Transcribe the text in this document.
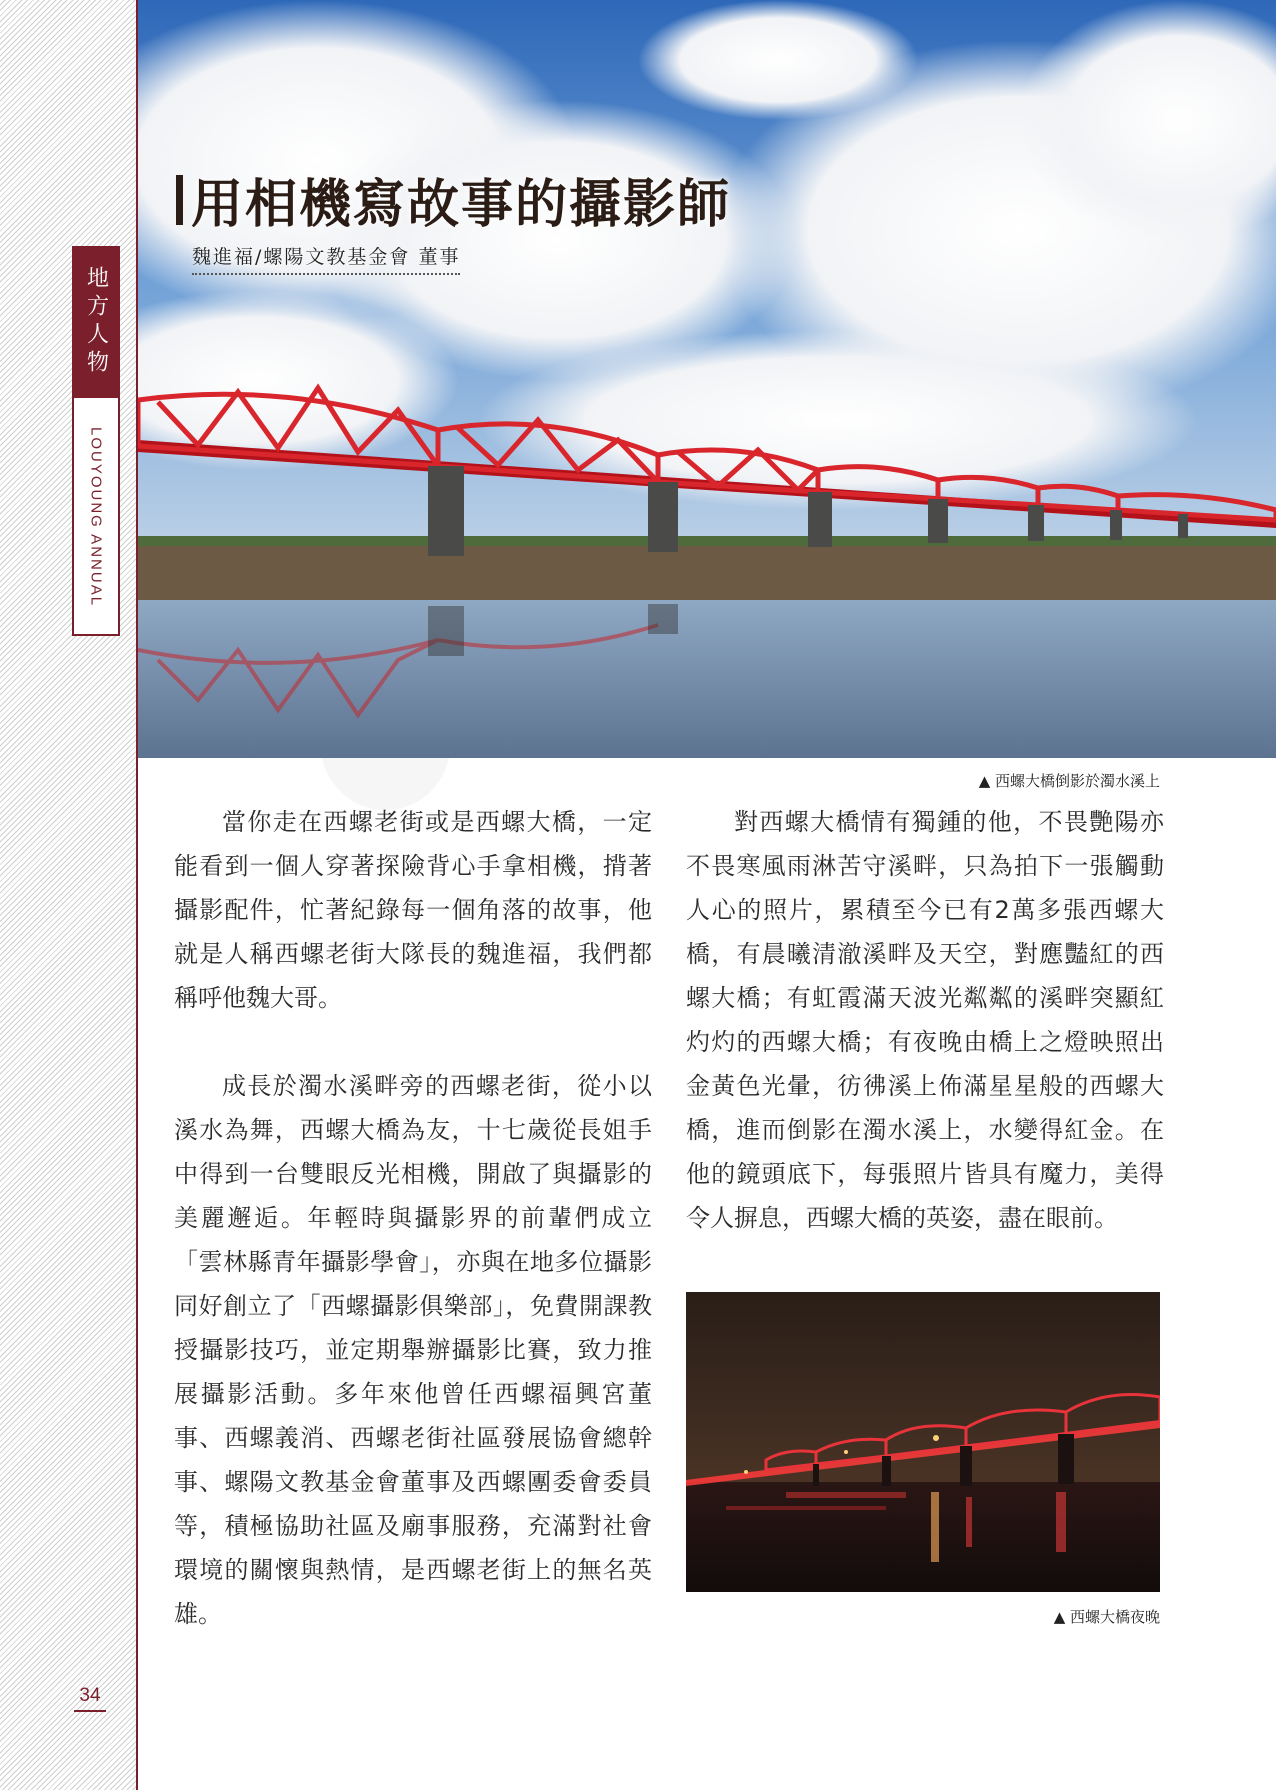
地方人物
LOUYOUNG ANNUAL
34
用相機寫故事的攝影師
魏進福/螺陽文教基金會 董事
▲ 西螺大橋倒影於濁水溪上

當你走在西螺老街或是西螺大橋，一定能看到一個人穿著探險背心手拿相機，揹著攝影配件，忙著紀錄每一個角落的故事，他就是人稱西螺老街大隊長的魏進福，我們都稱呼他魏大哥。

成長於濁水溪畔旁的西螺老街，從小以溪水為舞，西螺大橋為友，十七歲從長姐手中得到一台雙眼反光相機，開啟了與攝影的美麗邂逅。年輕時與攝影界的前輩們成立「雲林縣青年攝影學會」，亦與在地多位攝影同好創立了「西螺攝影俱樂部」，免費開課教授攝影技巧，並定期舉辦攝影比賽，致力推展攝影活動。多年來他曾任西螺福興宮董事、西螺義消、西螺老街社區發展協會總幹事、螺陽文教基金會董事及西螺團委會委員等，積極協助社區及廟事服務，充滿對社會環境的關懷與熱情，是西螺老街上的無名英雄。

對西螺大橋情有獨鍾的他，不畏艷陽亦不畏寒風雨淋苦守溪畔，只為拍下一張觸動人心的照片，累積至今已有2萬多張西螺大橋，有晨曦清澈溪畔及天空，對應豔紅的西螺大橋；有虹霞滿天波光粼粼的溪畔突顯紅灼灼的西螺大橋；有夜晚由橋上之燈映照出金黃色光暈，彷彿溪上佈滿星星般的西螺大橋，進而倒影在濁水溪上，水變得紅金。在他的鏡頭底下，每張照片皆具有魔力，美得令人摒息，西螺大橋的英姿，盡在眼前。

▲ 西螺大橋夜晚
